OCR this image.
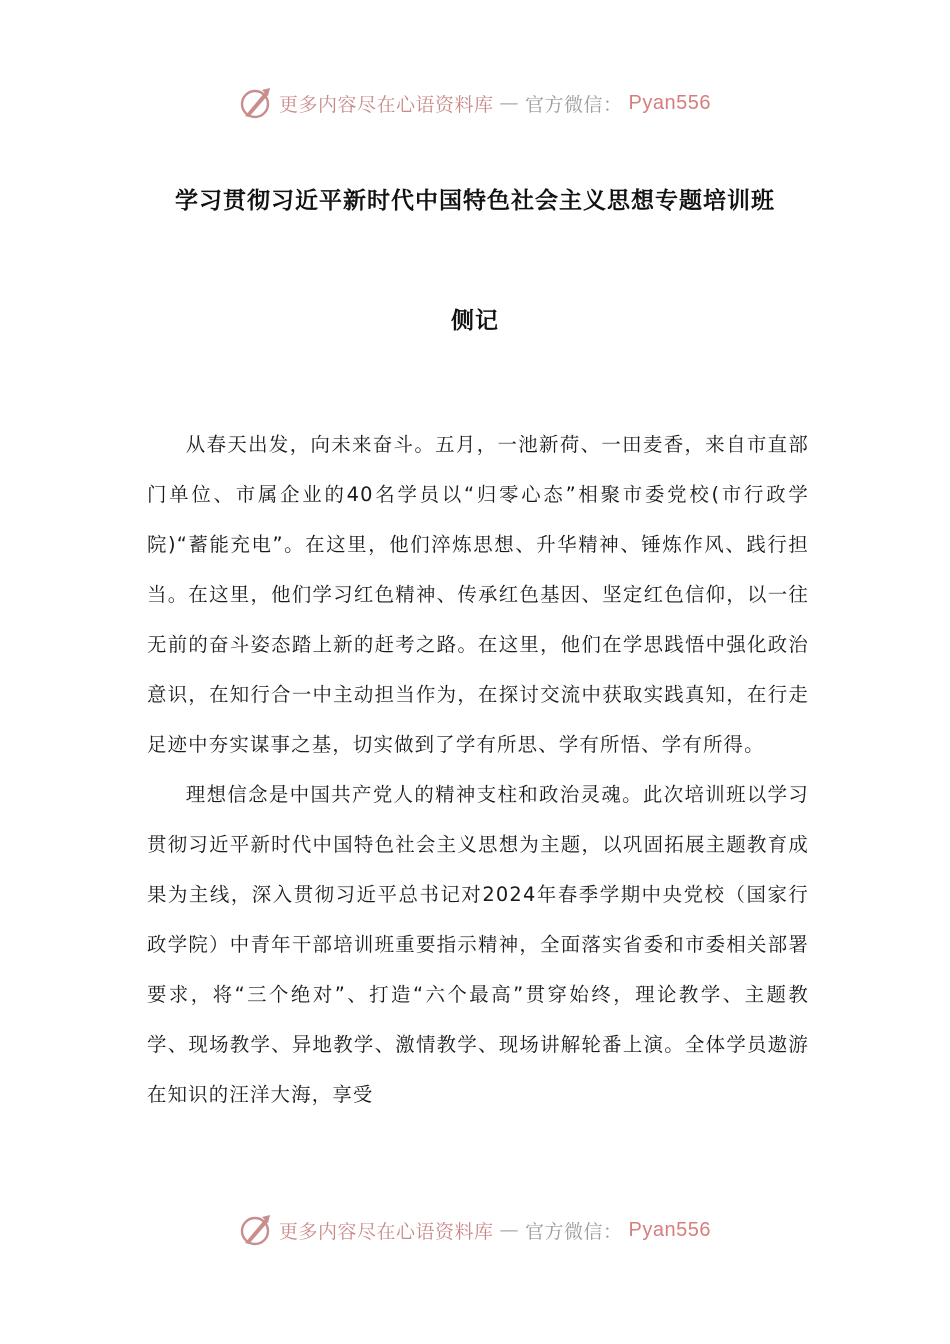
更多内容尽在心语资料库 — 官方微信： Pyan556
学习贯彻习近平新时代中国特色社会主义思想专题培训班
侧记

从春天出发，向未来奋斗。五月，一池新荷、一田麦香，来自市直部门单位、市属企业的40名学员以“归零心态”相聚市委党校(市行政学院)“蓄能充电”。在这里，他们淬炼思想、升华精神、锤炼作风、践行担当。在这里，他们学习红色精神、传承红色基因、坚定红色信仰，以一往无前的奋斗姿态踏上新的赶考之路。在这里，他们在学思践悟中强化政治意识，在知行合一中主动担当作为，在探讨交流中获取实践真知，在行走足迹中夯实谋事之基，切实做到了学有所思、学有所悟、学有所得。

理想信念是中国共产党人的精神支柱和政治灵魂。此次培训班以学习贯彻习近平新时代中国特色社会主义思想为主题，以巩固拓展主题教育成果为主线，深入贯彻习近平总书记对2024年春季学期中央党校（国家行政学院）中青年干部培训班重要指示精神，全面落实省委和市委相关部署要求，将“三个绝对”、打造“六个最高”贯穿始终，理论教学、主题教学、现场教学、异地教学、激情教学、现场讲解轮番上演。全体学员遨游在知识的汪洋大海，享受

更多内容尽在心语资料库 — 官方微信： Pyan556
